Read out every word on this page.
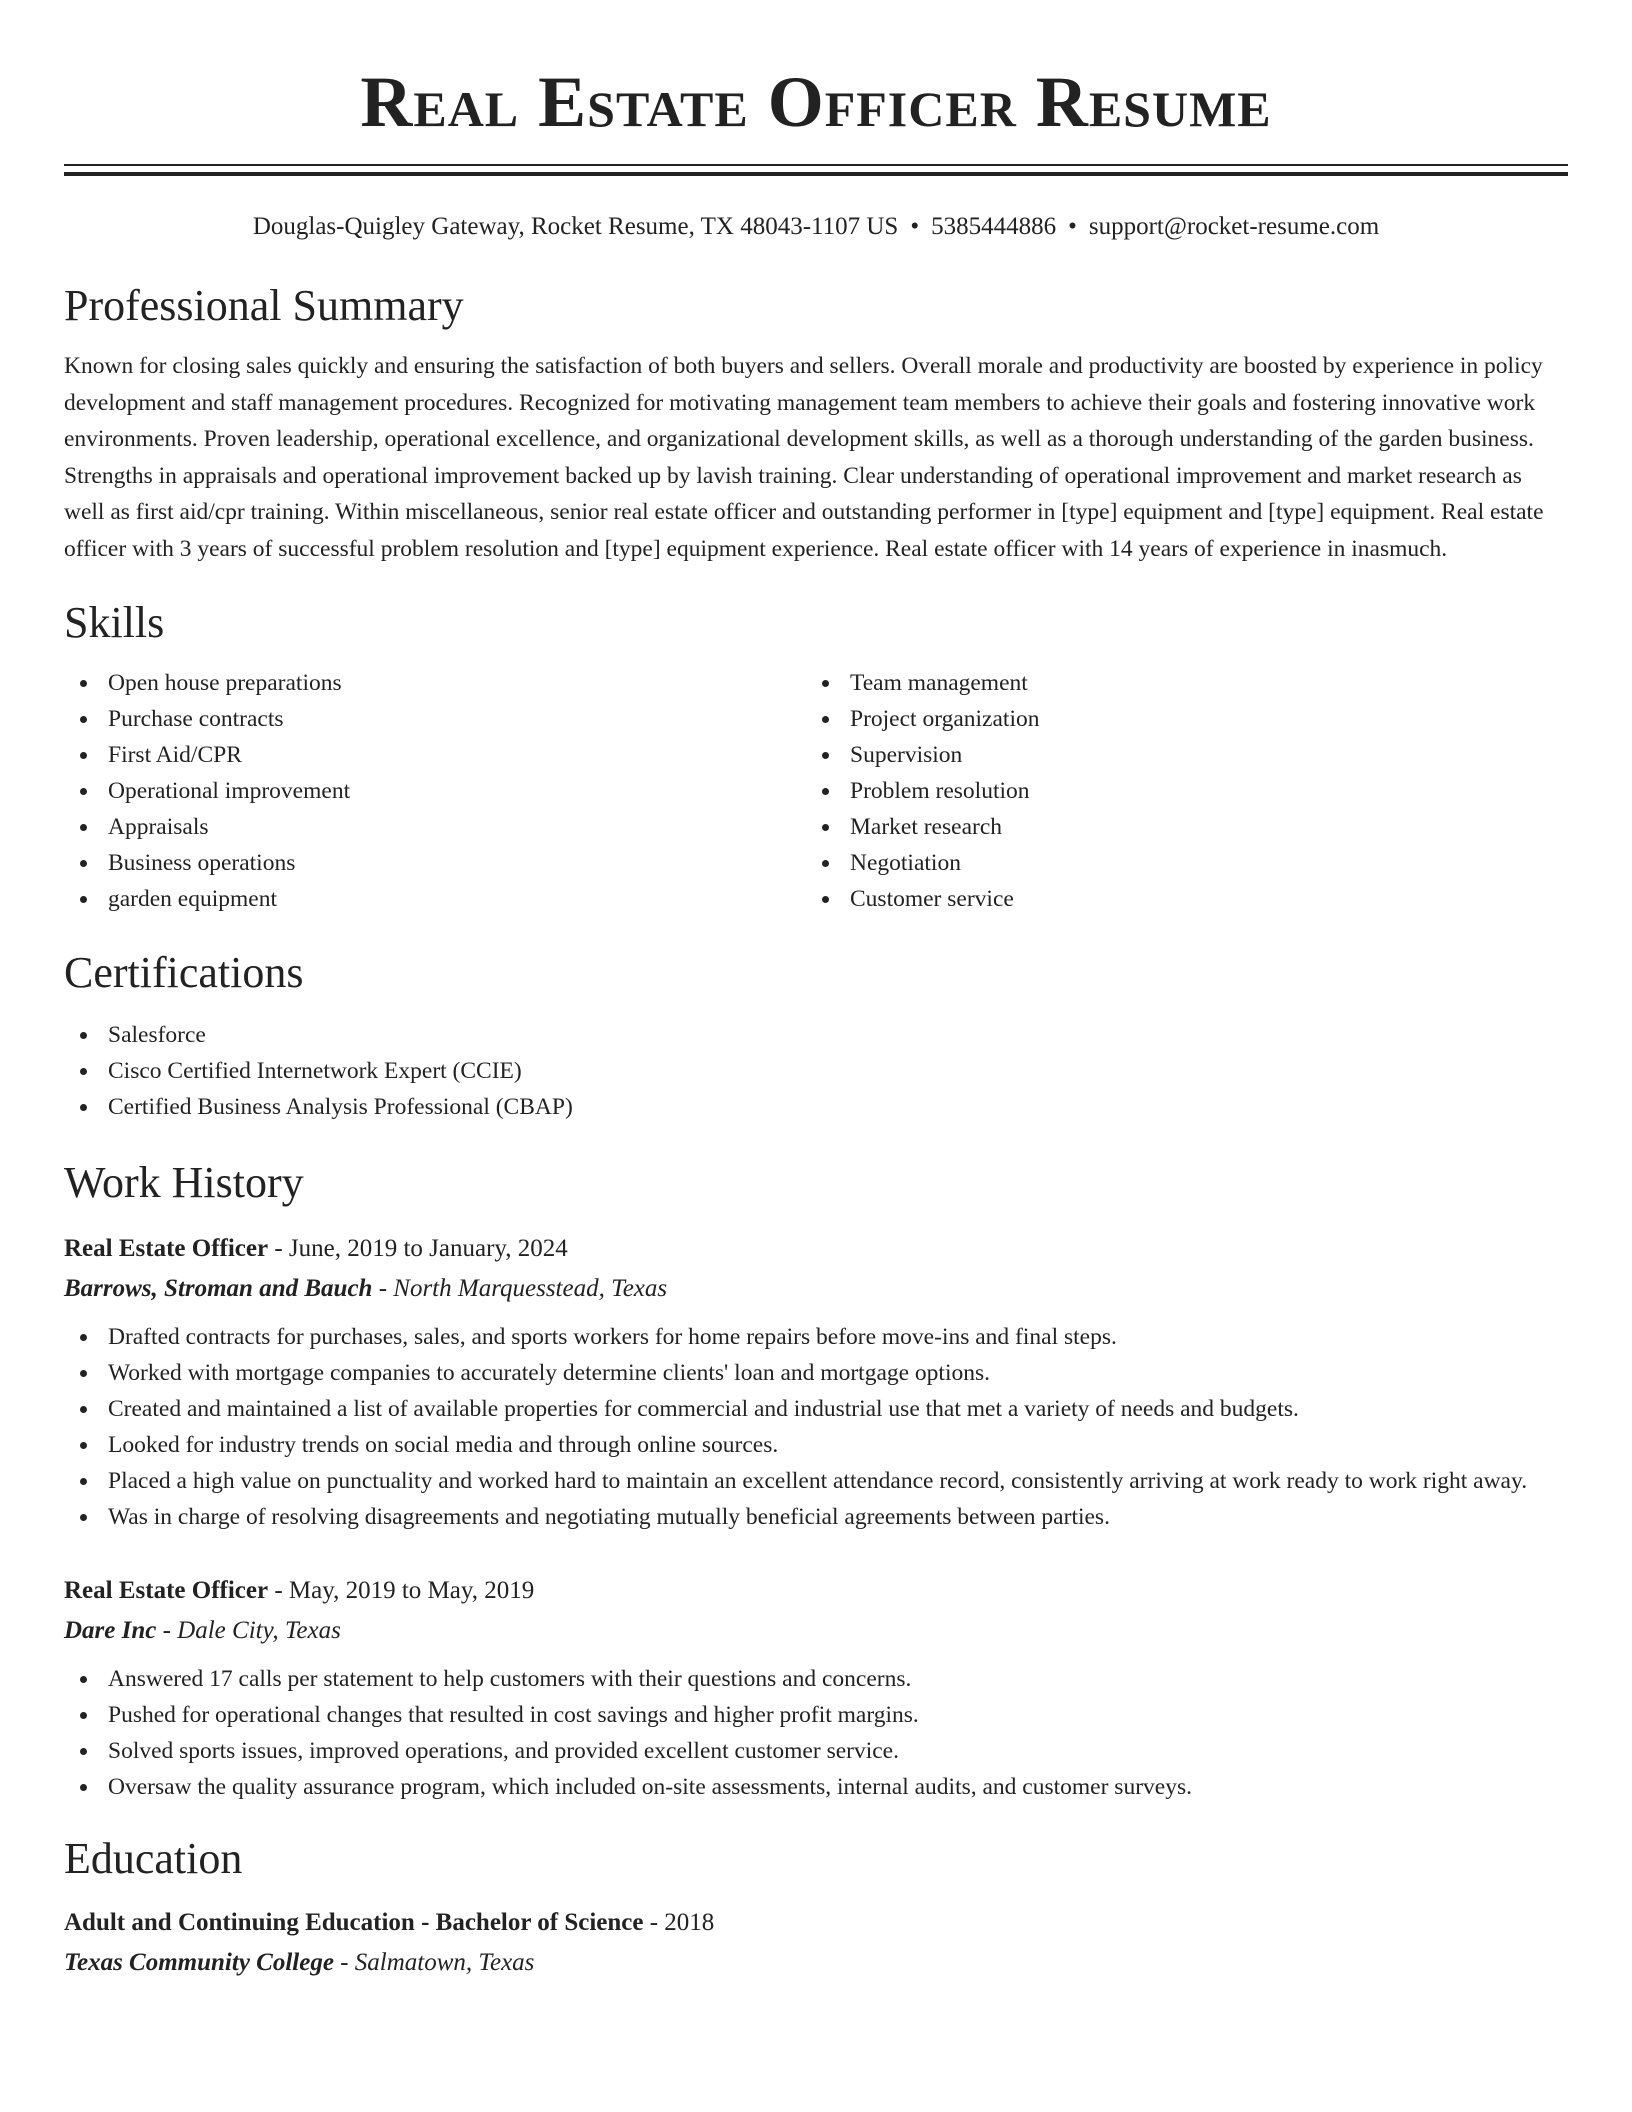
Real Estate Officer Resume
Douglas-Quigley Gateway, Rocket Resume, TX 48043-1107 US • 5385444886 • support@rocket-resume.com
Professional Summary

Known for closing sales quickly and ensuring the satisfaction of both buyers and sellers. Overall morale and productivity are boosted by experience in policy development and staff management procedures. Recognized for motivating management team members to achieve their goals and fostering innovative work environments. Proven leadership, operational excellence, and organizational development skills, as well as a thorough understanding of the garden business. Strengths in appraisals and operational improvement backed up by lavish training. Clear understanding of operational improvement and market research as well as first aid/cpr training. Within miscellaneous, senior real estate officer and outstanding performer in [type] equipment and [type] equipment. Real estate officer with 3 years of successful problem resolution and [type] equipment experience. Real estate officer with 14 years of experience in inasmuch.

Skills
Open house preparations
Purchase contracts
First Aid/CPR
Operational improvement
Appraisals
Business operations
garden equipment
Team management
Project organization
Supervision
Problem resolution
Market research
Negotiation
Customer service
Certifications
Salesforce
Cisco Certified Internetwork Expert (CCIE)
Certified Business Analysis Professional (CBAP)
Work History
Real Estate Officer - June, 2019 to January, 2024
Barrows, Stroman and Bauch - North Marquesstead, Texas
Drafted contracts for purchases, sales, and sports workers for home repairs before move-ins and final steps.
Worked with mortgage companies to accurately determine clients' loan and mortgage options.
Created and maintained a list of available properties for commercial and industrial use that met a variety of needs and budgets.
Looked for industry trends on social media and through online sources.
Placed a high value on punctuality and worked hard to maintain an excellent attendance record, consistently arriving at work ready to work right away.
Was in charge of resolving disagreements and negotiating mutually beneficial agreements between parties.
Real Estate Officer - May, 2019 to May, 2019
Dare Inc - Dale City, Texas
Answered 17 calls per statement to help customers with their questions and concerns.
Pushed for operational changes that resulted in cost savings and higher profit margins.
Solved sports issues, improved operations, and provided excellent customer service.
Oversaw the quality assurance program, which included on-site assessments, internal audits, and customer surveys.
Education
Adult and Continuing Education - Bachelor of Science - 2018
Texas Community College - Salmatown, Texas
